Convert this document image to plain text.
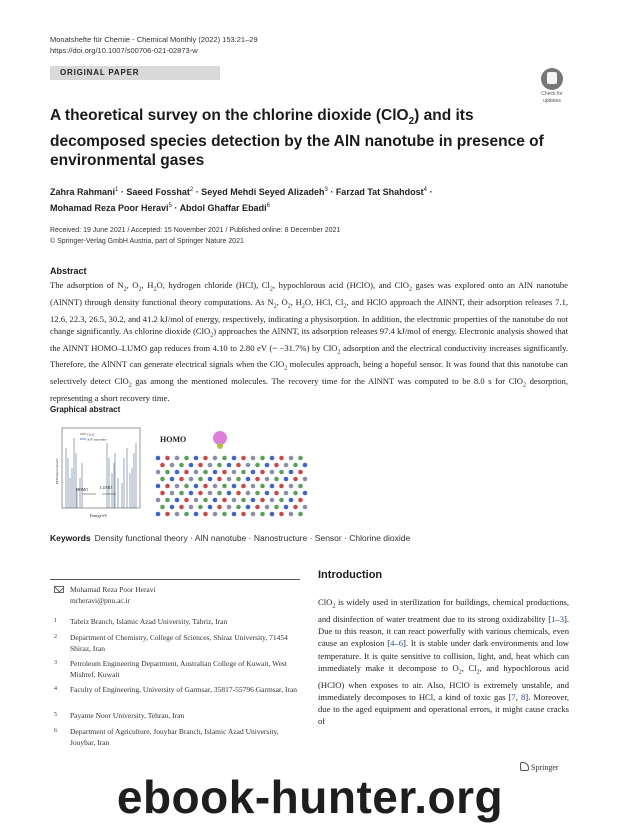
Monatshefte für Chemie - Chemical Monthly (2022) 153:21–29
https://doi.org/10.1007/s00706-021-02873-w
ORIGINAL PAPER
Check for
updates
A theoretical survey on the chlorine dioxide (ClO$_2$) and its decomposed species detection by the AlN nanotube in presence of environmental gases
Zahra Rahmani$^1$ · Saeed Fosshat$^2$ · Seyed Mehdi Seyed Alizadeh$^3$ · Farzad Tat Shahdost$^4$ ·
Mohamad Reza Poor Heravi$^5$ · Abdol Ghaffar Ebadi$^6$
Received: 19 June 2021 / Accepted: 15 November 2021 / Published online: 8 December 2021
© Springer-Verlag GmbH Austria, part of Springer Nature 2021
Abstract
The adsorption of $N_2$, $O_2$, $H_2O$, hydrogen chloride (HCl), $Cl_2$, hypochlorous acid (HClO), and ClO$_2$ gases was explored onto an AlN nanotube (AlNNT) through density functional theory computations. As $N_2$, $O_2$, $H_2O$, HCl, $Cl_2$, and HClO approach the AlNNT, their adsorption releases 7.1, 12.6, 22.3, 26.5, 30.2, and 41.2 kJ/mol of energy, respectively, indicating a physisorption. In addition, the electronic properties of the nanotube do not change significantly. As chlorine dioxide (ClO$_2$) approaches the AlNNT, its adsorption releases 97.4 kJ/mol of energy. Electronic analysis showed that the AlNNT HOMO–LUMO gap reduces from 4.10 to 2.80 eV (~ −31.7%) by ClO$_2$ adsorption and the electrical conductivity increases significantly. Therefore, the AlNNT can generate electrical signals when the ClO$_2$ molecules approach, being a hopeful sensor. It was found that this nanotube can selectively detect ClO$_2$ gas among the mentioned molecules. The recovery time for the AlNNT was computed to be 8.0 s for ClO$_2$ desorption, representing a short recovery time.
Graphical abstract
ClO2
AlN nanotube
HOMO	LUMO
Energy/eV
DOS/electrons/eV
HOMO
Keywords Density functional theory · AlN nanotube · Nanostructure · Sensor · Chlorine dioxide
Mohamad Reza Poor Heravi
mrheravi@pnu.ac.ir
1 Tabriz Branch, Islamic Azad University, Tabriz, Iran
2 Department of Chemistry, College of Sciences, Shiraz University, 71454 Shiraz, Iran
3 Petroleum Engineering Department, Australian College of Kuwait, West Mishref, Kuwait
4 Faculty of Engineering, University of Garmsar, 35817-55796 Garmsar, Iran
5 Payame Noor University, Tehran, Iran
6 Department of Agriculture, Jouybar Branch, Islamic Azad University, Jouybar, Iran
Introduction
ClO$_2$ is widely used in sterilization for buildings, chemical productions, and disinfection of water treatment due to its strong oxidizability [1–3]. Due to this reason, it can react powerfully with various chemicals, even cause an explosion [4–6]. It is stable under dark environments and low temperature. It is quite sensitive to collision, light, and, heat which can immediately make it decompose to $O_2$, $Cl_2$, and hypochlorous acid (HClO) when exposes to air. Also, HClO is extremely unstable, and immediately decomposes to HCl, a kind of toxic gas [7, 8]. Moreover, due to the aged equipment and operational errors, it might cause cracks of
Springer
ebook-hunter.org
